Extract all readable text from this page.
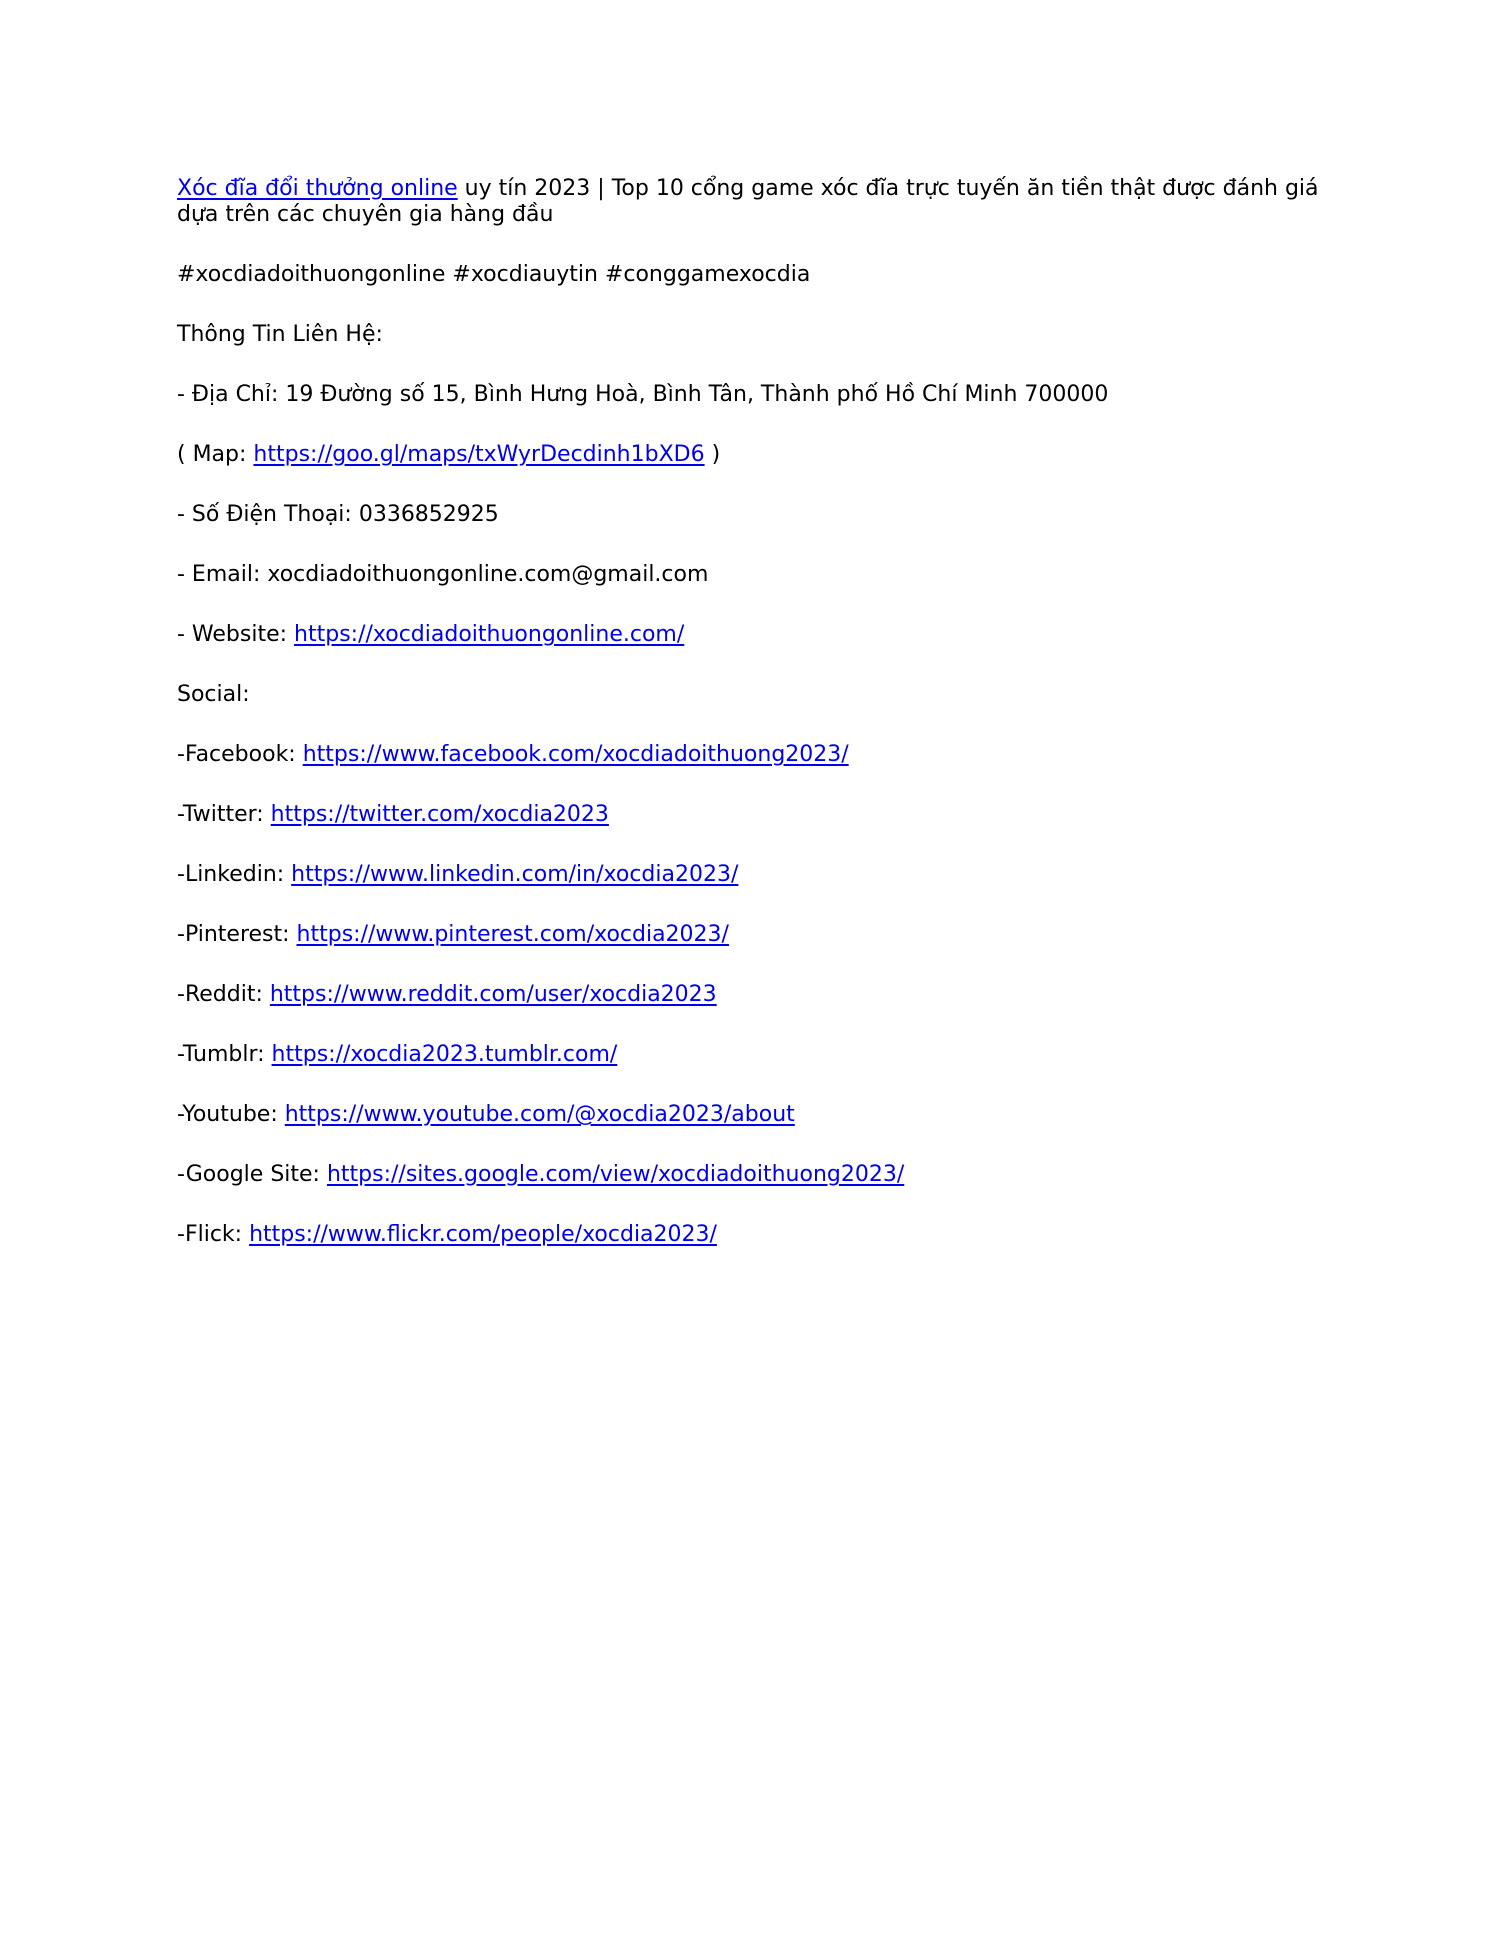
Xóc đĩa đổi thưởng online uy tín 2023 | Top 10 cổng game xóc đĩa trực tuyến ăn tiền thật được đánh giá dựa trên các chuyên gia hàng đầu

#xocdiadoithuongonline #xocdiauytin #conggamexocdia

Thông Tin Liên Hệ:

- Địa Chỉ: 19 Đường số 15, Bình Hưng Hoà, Bình Tân, Thành phố Hồ Chí Minh 700000

( Map: https://goo.gl/maps/txWyrDecdinh1bXD6 )

- Số Điện Thoại: 0336852925

- Email: xocdiadoithuongonline.com@gmail.com

- Website: https://xocdiadoithuongonline.com/

Social:

-Facebook: https://www.facebook.com/xocdiadoithuong2023/

-Twitter: https://twitter.com/xocdia2023

-Linkedin: https://www.linkedin.com/in/xocdia2023/

-Pinterest: https://www.pinterest.com/xocdia2023/

-Reddit: https://www.reddit.com/user/xocdia2023

-Tumblr: https://xocdia2023.tumblr.com/

-Youtube: https://www.youtube.com/@xocdia2023/about

-Google Site: https://sites.google.com/view/xocdiadoithuong2023/

-Flick: https://www.flickr.com/people/xocdia2023/
